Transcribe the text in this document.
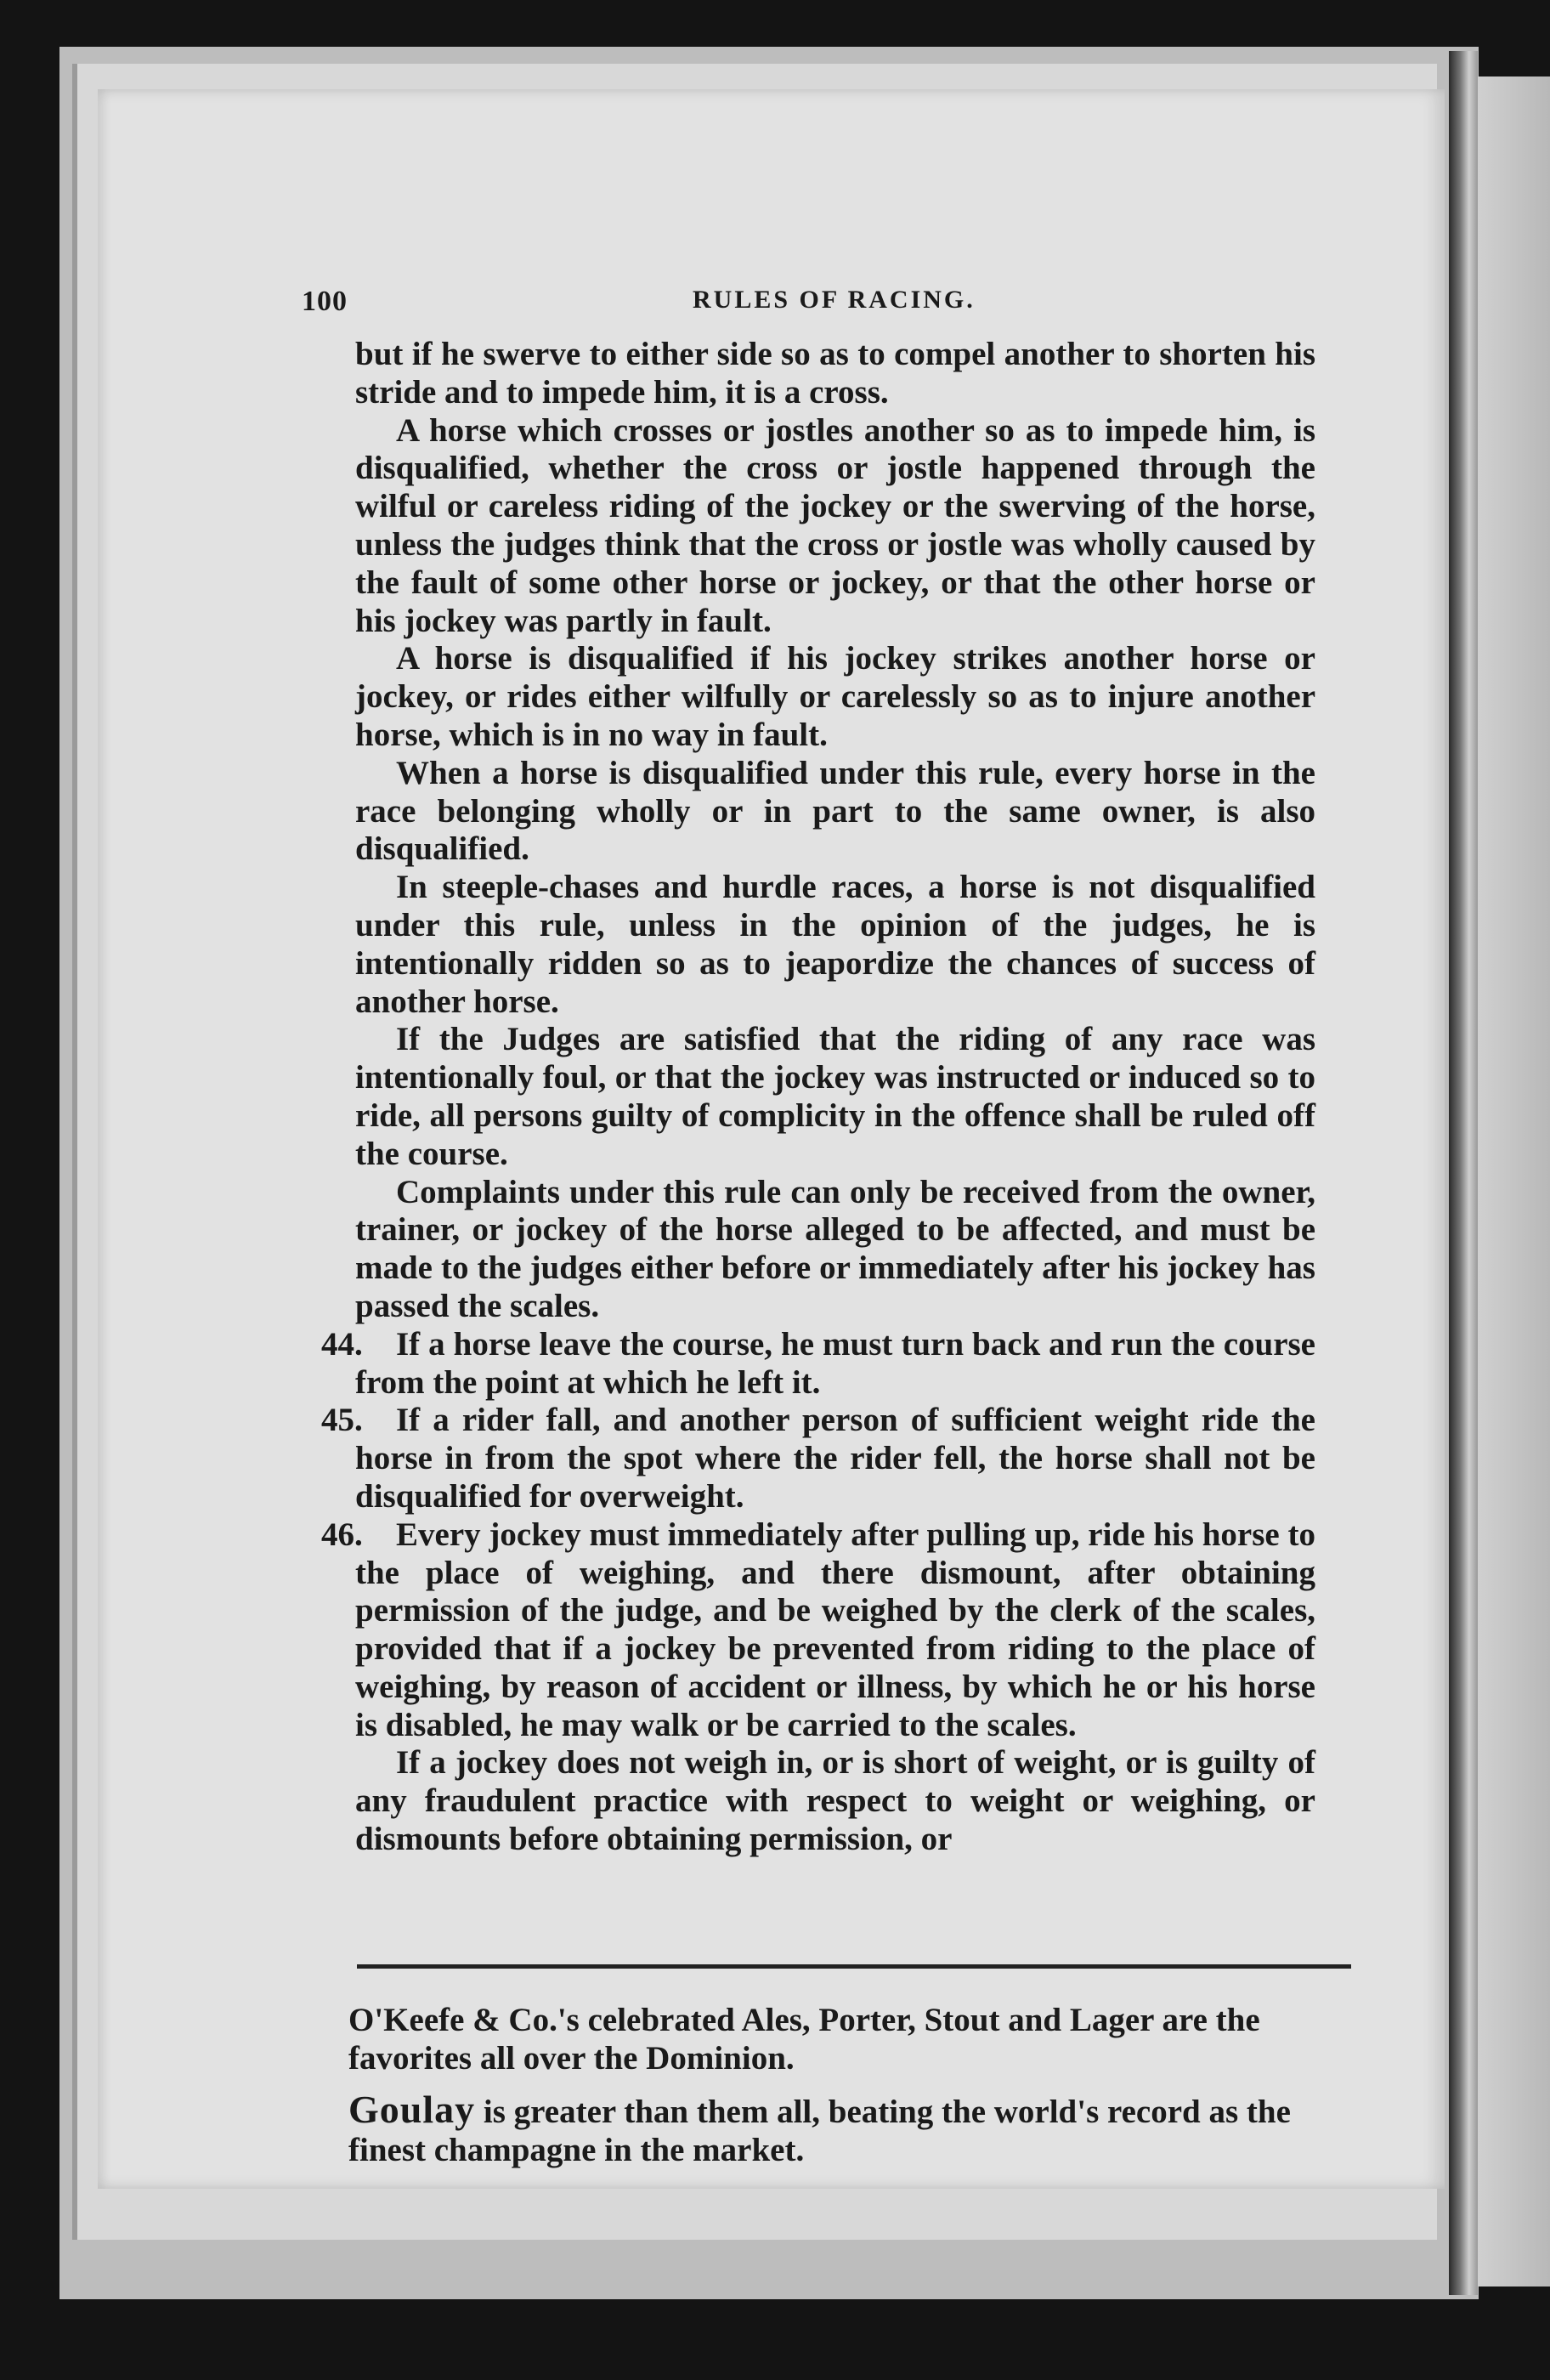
100	RULES OF RACING.

but if he swerve to either side so as to compel another to shorten his stride and to impede him, it is a cross.

A horse which crosses or jostles another so as to impede him, is disqualified, whether the cross or jostle happened through the wilful or careless riding of the jockey or the swerving of the horse, unless the judges think that the cross or jostle was wholly caused by the fault of some other horse or jockey, or that the other horse or his jockey was partly in fault.

A horse is disqualified if his jockey strikes another horse or jockey, or rides either wilfully or carelessly so as to injure another horse, which is in no way in fault.

When a horse is disqualified under this rule, every horse in the race belonging wholly or in part to the same owner, is also disqualified.

In steeple-chases and hurdle races, a horse is not disqualified under this rule, unless in the opinion of the judges, he is intentionally ridden so as to jeapordize the chances of success of another horse.

If the Judges are satisfied that the riding of any race was intentionally foul, or that the jockey was instructed or induced so to ride, all persons guilty of complicity in the offence shall be ruled off the course.

Complaints under this rule can only be received from the owner, trainer, or jockey of the horse alleged to be affected, and must be made to the judges either before or immediately after his jockey has passed the scales.

44. If a horse leave the course, he must turn back and run the course from the point at which he left it.

45. If a rider fall, and another person of sufficient weight ride the horse in from the spot where the rider fell, the horse shall not be disqualified for overweight.

46. Every jockey must immediately after pulling up, ride his horse to the place of weighing, and there dismount, after obtaining permission of the judge, and be weighed by the clerk of the scales, provided that if a jockey be prevented from riding to the place of weighing, by reason of accident or illness, by which he or his horse is disabled, he may walk or be carried to the scales.

If a jockey does not weigh in, or is short of weight, or is guilty of any fraudulent practice with respect to weight or weighing, or dismounts before obtaining permission, or

O'Keefe & Co.'s celebrated Ales, Porter, Stout and Lager are the favorites all over the Dominion.

Goulay is greater than them all, beating the world's record as the finest champagne in the market.
